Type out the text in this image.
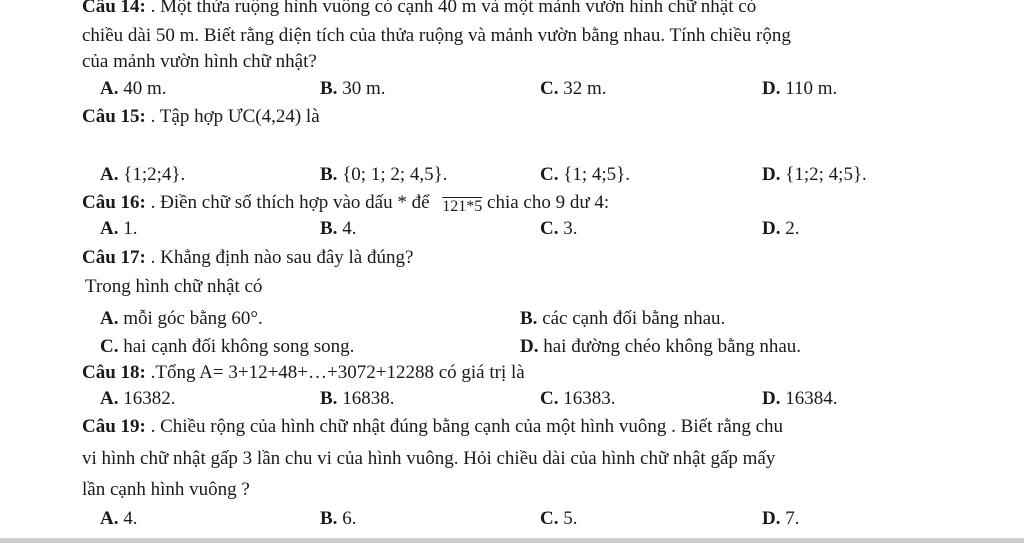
Câu 14: . Một thửa ruộng hình vuông có cạnh 40 m và một mảnh vườn hình chữ nhật có
chiều dài 50 m. Biết rằng diện tích của thửa ruộng và mảnh vườn bằng nhau. Tính chiều rộng
của mảnh vườn hình chữ nhật?
A. 40 m.	B. 30 m.	C. 32 m.	D. 110 m.
Câu 15: . Tập hợp ƯC(4,24) là
A. {1;2;4}.	B. {0; 1; 2; 4,5}.	C. {1; 4;5}.	D. {1;2; 4;5}.
Câu 16: . Điền chữ số thích hợp vào dấu * để 121*5 chia cho 9 dư 4:
A. 1.	B. 4.	C. 3.	D. 2.
Câu 17: . Khẳng định nào sau đây là đúng?
Trong hình chữ nhật có
A. mỗi góc bằng 60°.	B. các cạnh đối bằng nhau.
C. hai cạnh đối không song song.	D. hai đường chéo không bằng nhau.
Câu 18: .Tổng A= 3+12+48+…+3072+12288 có giá trị là
A. 16382.	B. 16838.	C. 16383.	D. 16384.
Câu 19: . Chiều rộng của hình chữ nhật đúng bằng cạnh của một hình vuông . Biết rằng chu
vi hình chữ nhật gấp 3 lần chu vi của hình vuông. Hỏi chiều dài của hình chữ nhật gấp mấy
lần cạnh hình vuông ?
A. 4.	B. 6.	C. 5.	D. 7.
